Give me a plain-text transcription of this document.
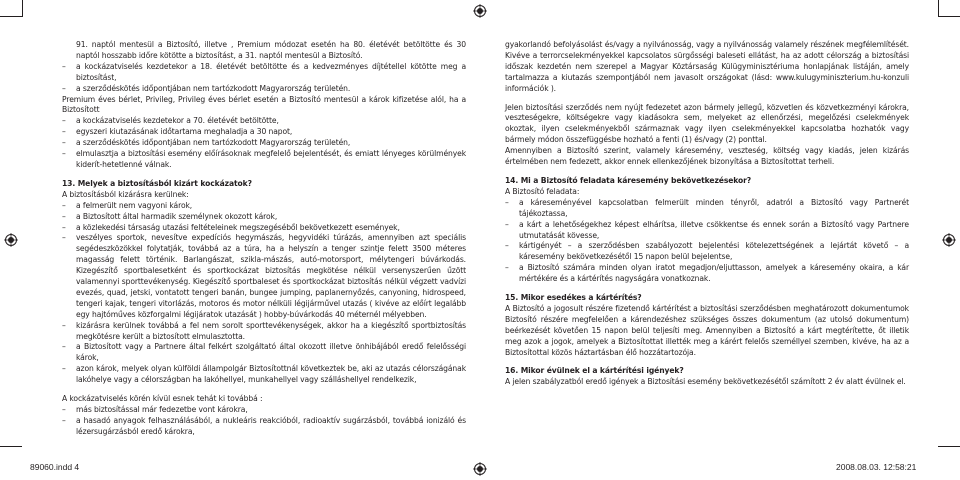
91. naptól mentesül a Biztosító, illetve , Premium módozat esetén ha 80. életévét betöltötte és 30 naptól hosszabb időre kötötte a biztosítást, a 31. naptól mentesül a Biztosító.

– a kockázatviselés kezdetekor a 18. életévét betöltötte és a kedvezményes díjtétellel kötötte meg a biztosítást,

– a szerződéskötés időpontjában nem tartózkodott Magyarország területén.

Premium éves bérlet, Privileg, Privileg éves bérlet esetén a Biztosító mentesül a károk kifizetése alól, ha a Biztosított

– a kockázatviselés kezdetekor a 70. életévét betöltötte,

– egyszeri kiutazásának időtartama meghaladja a 30 napot,

– a szerződéskötés időpontjában nem tartózkodott Magyarország területén,

– elmulasztja a biztosítási esemény előírásoknak megfelelő bejelentését, és emiatt lényeges körülmények kiderít-hetetlenné válnak.

13. Melyek a biztosításból kizárt kockázatok?

A biztosításból kizárásra kerülnek:

– a felmerült nem vagyoni károk,

– a Biztosított által harmadik személynek okozott károk,

– a közlekedési társaság utazási feltételeinek megszegéséből bekövetkezett események,

– veszélyes sportok, nevesítve expedíciós hegymászás, hegyvidéki túrázás, amennyiben azt speciális segédeszközökkel folytatják, továbbá az a túra, ha a helyszín a tenger szintje felett 3500 méteres magasság felett történik. Barlangászat, szikla-mászás, autó-motorsport, mélytengeri búvárkodás. Kizegészítő sportbalesetként és sportkockázat biztosítás megkötése nélkül versenyszerűen űzött valamennyi sporttevékenység. Kiegészítő sportbaleset és sportkockázat biztosítás nélkül végzett vadvízi evezés, quad, jetski, vontatott tengeri banán, bungee jumping, paplanernyőzés, canyoning, hidrospeed, tengeri kajak, tengeri vitorlázás, motoros és motor nélküli légijárművel utazás ( kivéve az előírt legalább egy hajtóműves közforgalmi légijáratok utazását ) hobby-búvárkodás 40 méternél mélyebben.

– kizárásra kerülnek továbbá a fel nem sorolt sporttevékenységek, akkor ha a kiegészítő sportbiztosítás megkötésre került a biztosított elmulasztotta.

– a Biztosított vagy a Partnere által felkért szolgáltató által okozott illetve önhibájából eredő felelősségi károk,

– azon károk, melyek olyan külföldi állampolgár Biztosítottnál következtek be, aki az utazás célországának lakóhelye vagy a célországban ha lakóhellyel, munkahellyel vagy szálláshellyel rendelkezik,

A kockázatviselés körén kívül esnek tehát ki továbbá :

– más biztosítással már fedezetbe vont károkra,

– a hasadó anyagok felhasználásából, a nukleáris reakcióból, radioaktív sugárzásból, továbbá ionizáló és lézersugárzásból eredő károkra,

gyakorlandó befolyásolást és/vagy a nyilvánosság, vagy a nyilvánosság valamely részének megfélemlítését. Kivéve a terrorcselekményekkel kapcsolatos sürgősségi baleseti ellátást, ha az adott célország a biztosítási időszak kezdetén nem szerepel a Magyar Köztársaság Külügyminisztériuma honlapjának listáján, amely tartalmazza a kiutazás szempontjából nem javasolt országokat (lásd: www.kulugyminiszterium.hu-konzuli információk ).

Jelen biztosítási szerződés nem nyújt fedezetet azon bármely jellegű, közvetlen és közvetkezményi károkra, veszteségekre, költségekre vagy kiadásokra sem, melyeket az ellenőrzési, megelőzési cselekmények okoztak, ilyen cselekményekből származnak vagy ilyen cselekményekkel kapcsolatba hozhatók vagy bármely módon összefüggésbe hozható a fenti (1) és/vagy (2) ponttal.

Amennyiben a Biztosító szerint, valamely káresemény, veszteség, költség vagy kiadás, jelen kizárás értelmében nem fedezett, akkor ennek ellenkezőjének bizonyítása a Biztosítottat terheli.

14. Mi a Biztosító feladata káresemény bekövetkezésekor?

A Biztosító feladata:

– a káreseményével kapcsolatban felmerült minden tényről, adatról a Biztosító vagy Partnerét tájékoztassa,

– a kárt a lehetőségekhez képest elhárítsa, illetve csökkentse és ennek során a Biztosító vagy Partnere utmutatását kövesse,

– kártigényét – a szerződésben szabályozott bejelentési kötelezettségének a lejártát követő – a káresemény bekövetkezésétől 15 napon belül bejelentse,

– a Biztosító számára minden olyan iratot megadjon/eljuttasson, amelyek a káresemény okaira, a kár mértékére és a kártérítés nagyságára vonatkoznak.

15. Mikor esedékes a kártérítés?

A Biztosító a jogosult részére fizetendő kártérítést a biztosítási szerződésben meghatározott dokumentumok Biztosító részére megfelelően a kárendezéshez szükséges összes dokumentum (az utolsó dokumentum) beérkezését követően 15 napon belül teljesíti meg. Amennyiben a Biztosító a kárt megtérítette, őt illetik meg azok a jogok, amelyek a Biztosítottat illették meg a kárért felelős személlyel szemben, kivéve, ha az a Biztosítottal közös háztartásban élő hozzátartozója.

16. Mikor évülnek el a kártérítési igények?

A jelen szabályzatból eredő igények a Biztosítási esemény bekövetkezésétől számított 2 év alatt évülnek el.

89060.indd 4	2008.08.03. 12:58:21
